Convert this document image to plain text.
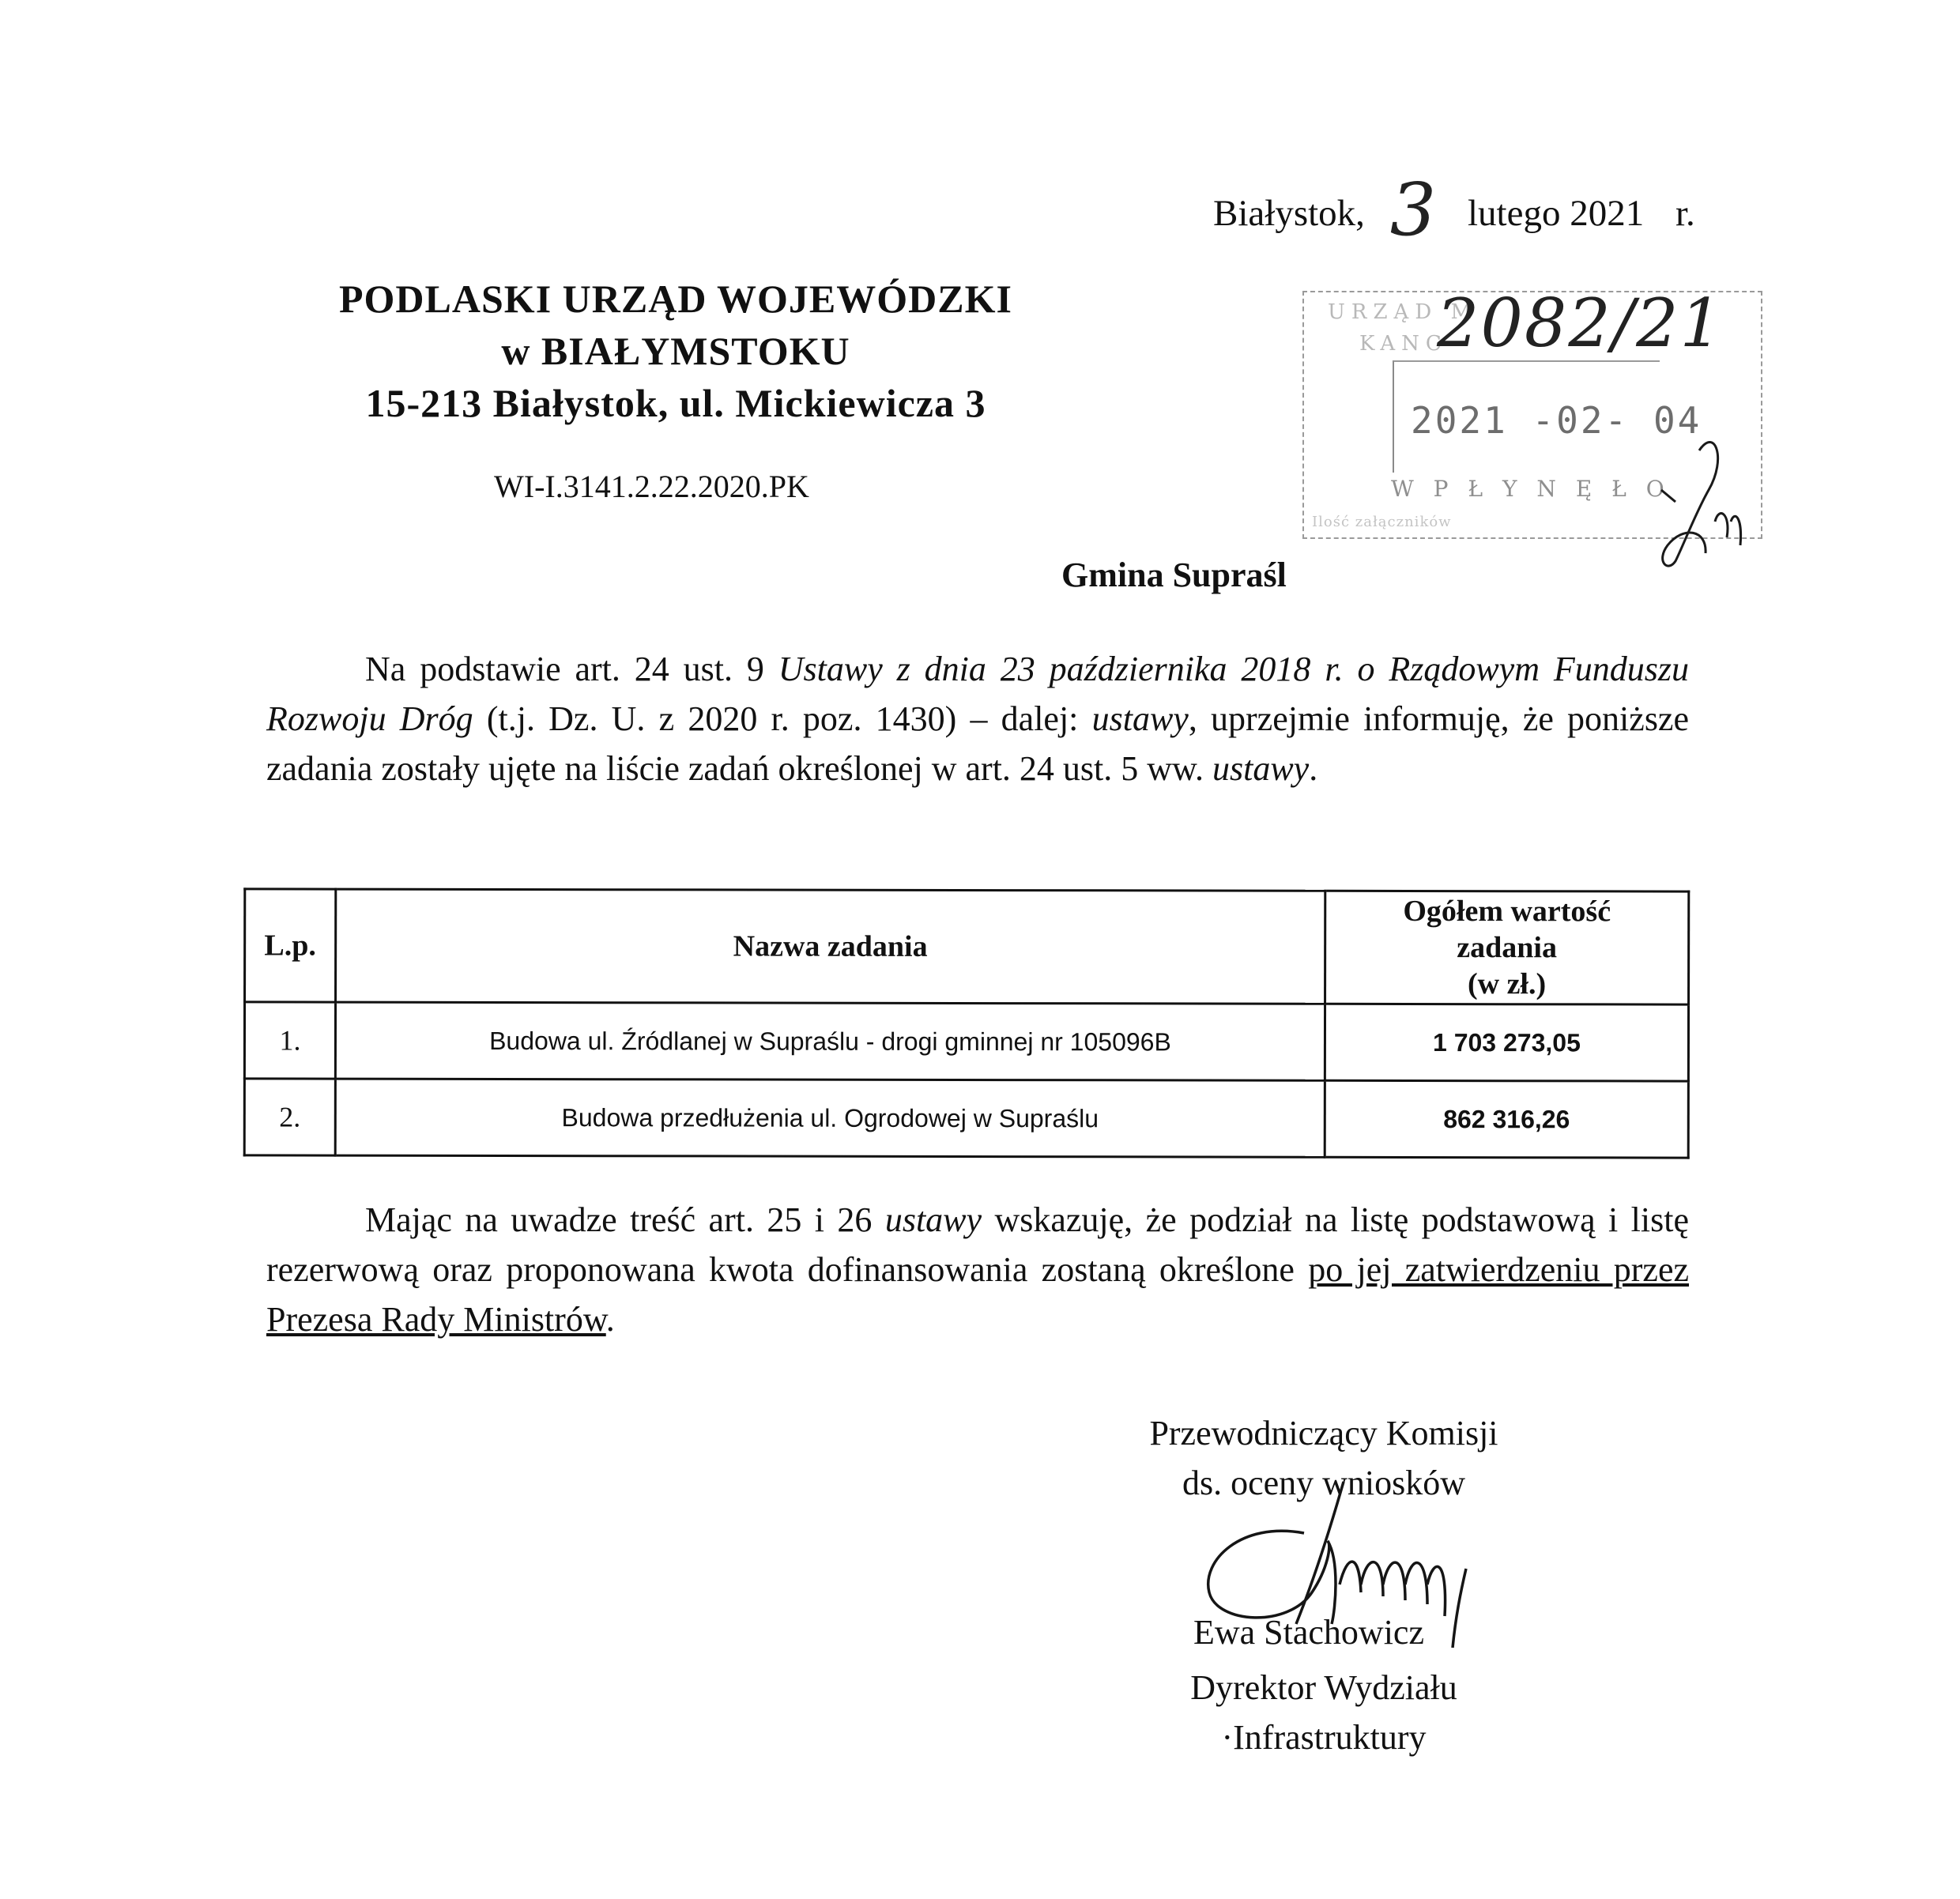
Białystok, 3 lutego 2021 r.
PODLASKI URZĄD WOJEWÓDZKI
w BIAŁYMSTOKU
15-213 Białystok, ul. Mickiewicza 3
WI-I.3141.2.22.2020.PK
URZĄD M
KANC
2021 -02- 04
W P Ł Y N Ę Ł O
Ilość załączników
2082/21
Gmina Supraśl

Na podstawie art. 24 ust. 9 Ustawy z dnia 23 października 2018 r. o Rządowym Funduszu Rozwoju Dróg (t.j. Dz. U. z 2020 r. poz. 1430) – dalej: ustawy, uprzejmie informuję, że poniższe zadania zostały ujęte na liście zadań określonej w art. 24 ust. 5 ww. ustawy.

L.p.	Nazwa zadania	Ogółem wartość
zadania
(w zł.)

1.	Budowa ul. Źródlanej w Supraślu - drogi gminnej nr 105096B	1 703 273,05
2.	Budowa przedłużenia ul. Ogrodowej w Supraślu	862 316,26

Mając na uwadze treść art. 25 i 26 ustawy wskazuję, że podział na listę podstawową i listę rezerwową oraz proponowana kwota dofinansowania zostaną określone po jej zatwierdzeniu przez Prezesa Rady Ministrów.

Przewodniczący Komisji
ds. oceny wniosków
Ewa Stachowicz
Dyrektor Wydziału
·Infrastruktury
